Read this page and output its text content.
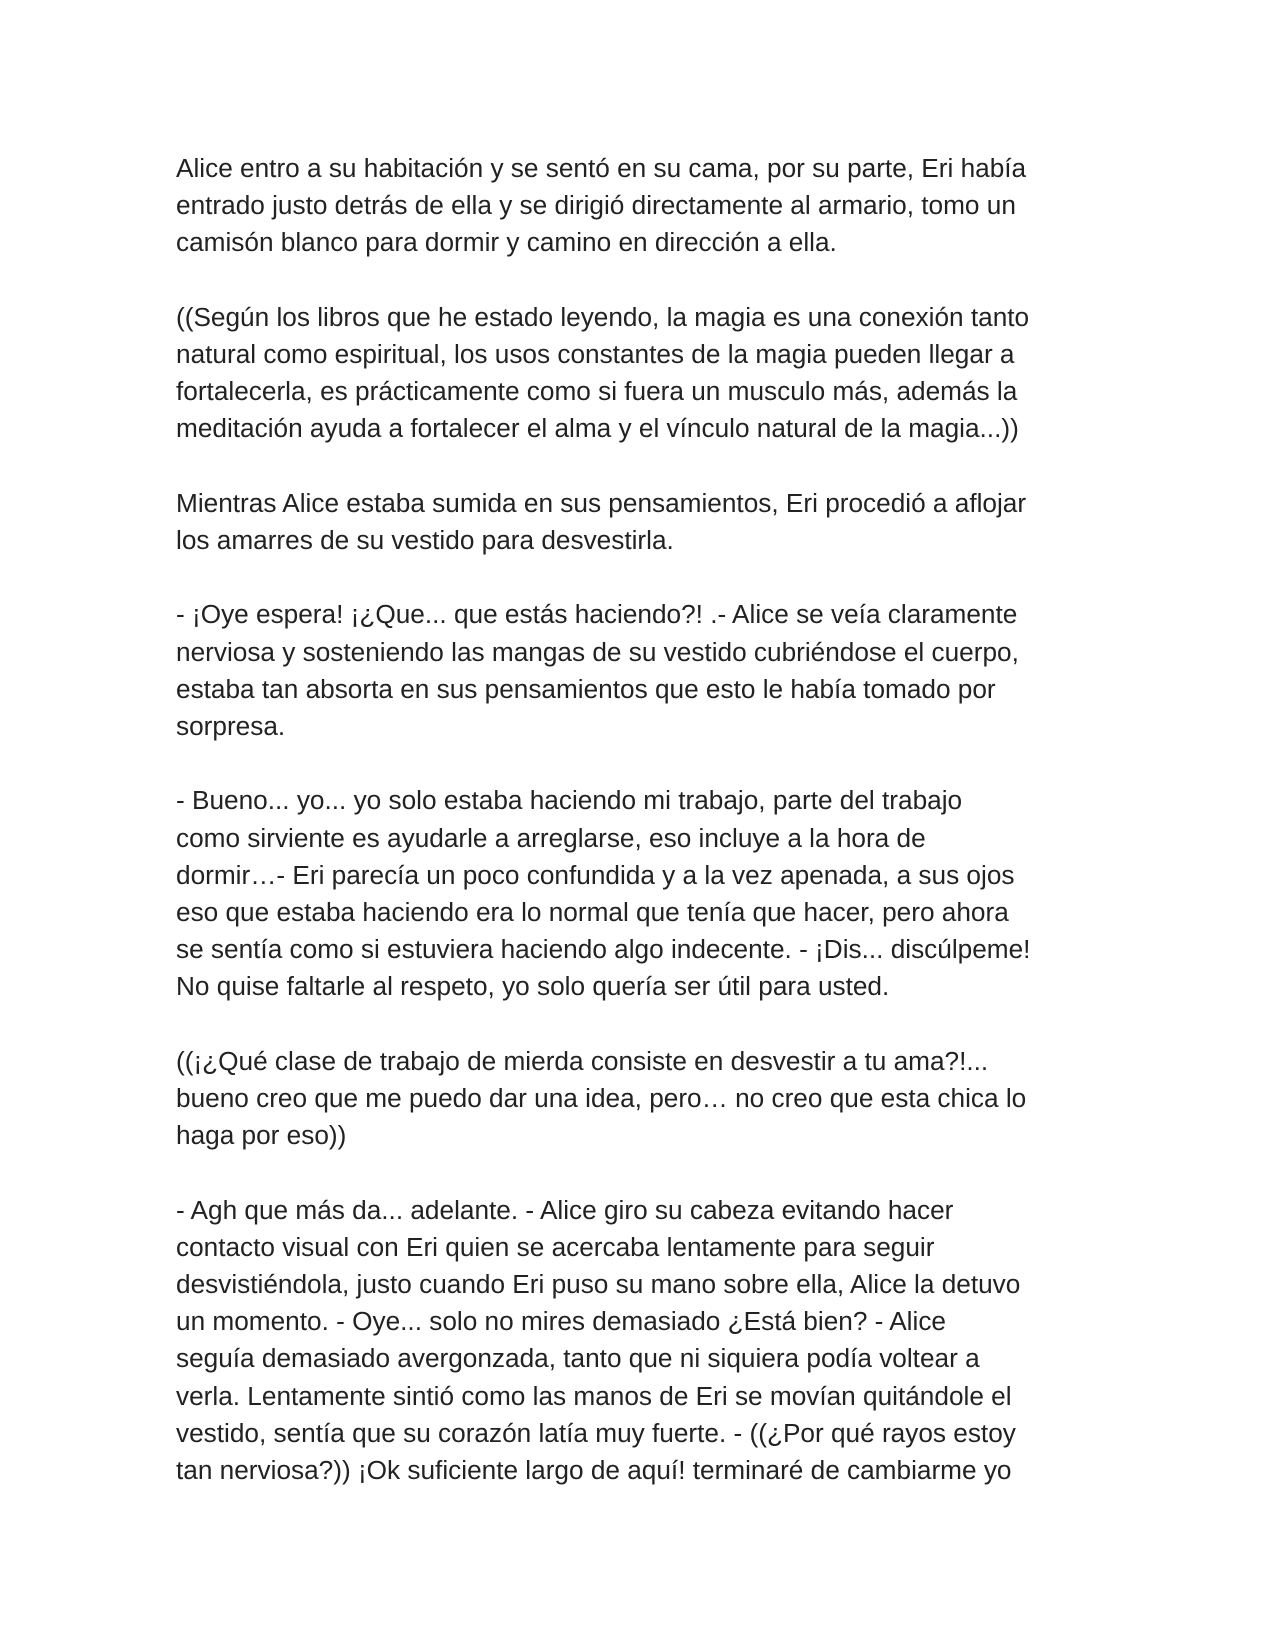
Alice entro a su habitación y se sentó en su cama, por su parte, Eri había
entrado justo detrás de ella y se dirigió directamente al armario, tomo un
camisón blanco para dormir y camino en dirección a ella.

((Según los libros que he estado leyendo, la magia es una conexión tanto
natural como espiritual, los usos constantes de la magia pueden llegar a
fortalecerla, es prácticamente como si fuera un musculo más, además la
meditación ayuda a fortalecer el alma y el vínculo natural de la magia...))

Mientras Alice estaba sumida en sus pensamientos, Eri procedió a aflojar
los amarres de su vestido para desvestirla.

- ¡Oye espera! ¡¿Que... que estás haciendo?! .- Alice se veía claramente
nerviosa y sosteniendo las mangas de su vestido cubriéndose el cuerpo,
estaba tan absorta en sus pensamientos que esto le había tomado por
sorpresa.

- Bueno... yo... yo solo estaba haciendo mi trabajo, parte del trabajo
como sirviente es ayudarle a arreglarse, eso incluye a la hora de
dormir…- Eri parecía un poco confundida y a la vez apenada, a sus ojos
eso que estaba haciendo era lo normal que tenía que hacer, pero ahora
se sentía como si estuviera haciendo algo indecente. - ¡Dis... discúlpeme!
No quise faltarle al respeto, yo solo quería ser útil para usted.

((¡¿Qué clase de trabajo de mierda consiste en desvestir a tu ama?!...
bueno creo que me puedo dar una idea, pero… no creo que esta chica lo
haga por eso))

- Agh que más da... adelante. - Alice giro su cabeza evitando hacer
contacto visual con Eri quien se acercaba lentamente para seguir
desvistiéndola, justo cuando Eri puso su mano sobre ella, Alice la detuvo
un momento. - Oye... solo no mires demasiado ¿Está bien? - Alice
seguía demasiado avergonzada, tanto que ni siquiera podía voltear a
verla. Lentamente sintió como las manos de Eri se movían quitándole el
vestido, sentía que su corazón latía muy fuerte. - ((¿Por qué rayos estoy
tan nerviosa?)) ¡Ok suficiente largo de aquí! terminaré de cambiarme yo
